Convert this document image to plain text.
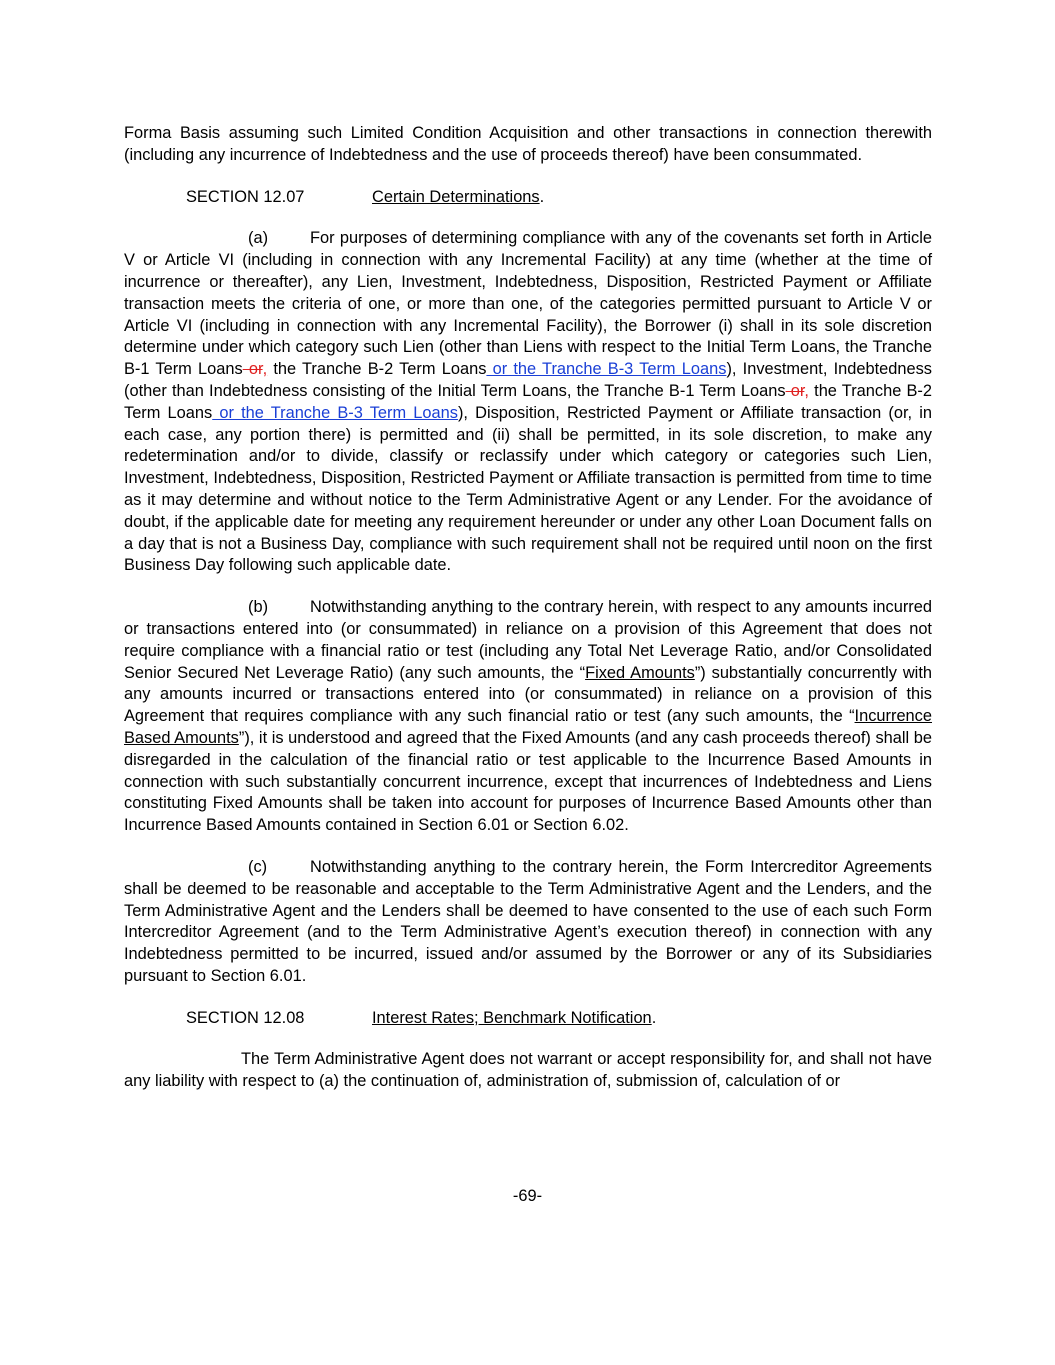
Forma Basis assuming such Limited Condition Acquisition and other transactions in connection therewith (including any incurrence of Indebtedness and the use of proceeds thereof) have been consummated.

SECTION 12.07	Certain Determinations.

(a)	For purposes of determining compliance with any of the covenants set forth in Article V or Article VI (including in connection with any Incremental Facility) at any time (whether at the time of incurrence or thereafter), any Lien, Investment, Indebtedness, Disposition, Restricted Payment or Affiliate transaction meets the criteria of one, or more than one, of the categories permitted pursuant to Article V or Article VI (including in connection with any Incremental Facility), the Borrower (i) shall in its sole discretion determine under which category such Lien (other than Liens with respect to the Initial Term Loans, the Tranche B-1 Term Loans or, the Tranche B-2 Term Loans or the Tranche B-3 Term Loans), Investment, Indebtedness (other than Indebtedness consisting of the Initial Term Loans, the Tranche B-1 Term Loans or, the Tranche B-2 Term Loans or the Tranche B-3 Term Loans), Disposition, Restricted Payment or Affiliate transaction (or, in each case, any portion there) is permitted and (ii) shall be permitted, in its sole discretion, to make any redetermination and/or to divide, classify or reclassify under which category or categories such Lien, Investment, Indebtedness, Disposition, Restricted Payment or Affiliate transaction is permitted from time to time as it may determine and without notice to the Term Administrative Agent or any Lender. For the avoidance of doubt, if the applicable date for meeting any requirement hereunder or under any other Loan Document falls on a day that is not a Business Day, compliance with such requirement shall not be required until noon on the first Business Day following such applicable date.

(b)	Notwithstanding anything to the contrary herein, with respect to any amounts incurred or transactions entered into (or consummated) in reliance on a provision of this Agreement that does not require compliance with a financial ratio or test (including any Total Net Leverage Ratio, and/or Consolidated Senior Secured Net Leverage Ratio) (any such amounts, the “Fixed Amounts”) substantially concurrently with any amounts incurred or transactions entered into (or consummated) in reliance on a provision of this Agreement that requires compliance with any such financial ratio or test (any such amounts, the “Incurrence Based Amounts”), it is understood and agreed that the Fixed Amounts (and any cash proceeds thereof) shall be disregarded in the calculation of the financial ratio or test applicable to the Incurrence Based Amounts in connection with such substantially concurrent incurrence, except that incurrences of Indebtedness and Liens constituting Fixed Amounts shall be taken into account for purposes of Incurrence Based Amounts other than Incurrence Based Amounts contained in Section 6.01 or Section 6.02.

(c)	Notwithstanding anything to the contrary herein, the Form Intercreditor Agreements shall be deemed to be reasonable and acceptable to the Term Administrative Agent and the Lenders, and the Term Administrative Agent and the Lenders shall be deemed to have consented to the use of each such Form Intercreditor Agreement (and to the Term Administrative Agent’s execution thereof) in connection with any Indebtedness permitted to be incurred, issued and/or assumed by the Borrower or any of its Subsidiaries pursuant to Section 6.01.

SECTION 12.08	Interest Rates; Benchmark Notification.

The Term Administrative Agent does not warrant or accept responsibility for, and shall not have any liability with respect to (a) the continuation of, administration of, submission of, calculation of or

-69-
